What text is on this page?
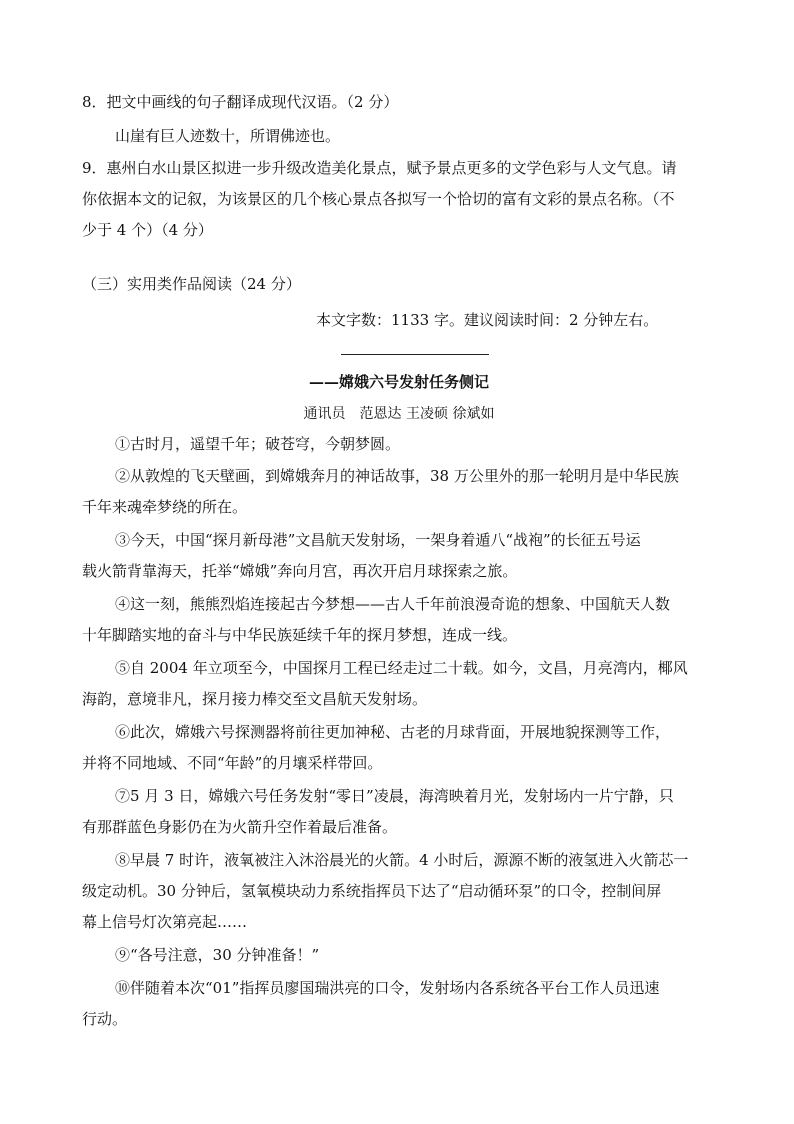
8．把文中画线的句子翻译成现代汉语。（2 分）
山崖有巨人迹数十，所谓佛迹也。
9．惠州白水山景区拟进一步升级改造美化景点，赋予景点更多的文学色彩与人文气息。请
你依据本文的记叙，为该景区的几个核心景点各拟写一个恰切的富有文彩的景点名称。（不
少于 4 个）（4 分）
（三）实用类作品阅读（24 分）
本文字数：1133 字。建议阅读时间：2 分钟左右。
——嫦娥六号发射任务侧记
通讯员　范恩达 王凌硕 徐斌如
①古时月，遥望千年；破苍穹，今朝梦圆。
②从敦煌的飞天壁画，到嫦娥奔月的神话故事，38 万公里外的那一轮明月是中华民族
千年来魂牵梦绕的所在。
③今天，中国“探月新母港”文昌航天发射场，一架身着遁八“战袍”的长征五号运
载火箭背靠海天，托举“嫦娥”奔向月宫，再次开启月球探索之旅。
④这一刻，熊熊烈焰连接起古今梦想——古人千年前浪漫奇诡的想象、中国航天人数
十年脚踏实地的奋斗与中华民族延续千年的探月梦想，连成一线。
⑤自 2004 年立项至今，中国探月工程已经走过二十载。如今，文昌，月亮湾内，椰风
海韵，意境非凡，探月接力棒交至文昌航天发射场。
⑥此次，嫦娥六号探测器将前往更加神秘、古老的月球背面，开展地貌探测等工作，
并将不同地域、不同“年龄”的月壤采样带回。
⑦5 月 3 日，嫦娥六号任务发射“零日”凌晨，海湾映着月光，发射场内一片宁静，只
有那群蓝色身影仍在为火箭升空作着最后准备。
⑧早晨 7 时许，液氧被注入沐浴晨光的火箭。4 小时后，源源不断的液氢进入火箭芯一
级定动机。30 分钟后，氢氧模块动力系统指挥员下达了“启动循环泵”的口令，控制间屏
幕上信号灯次第亮起……
⑨“各号注意，30 分钟准备！”
⑩伴随着本次“01”指挥员廖国瑞洪亮的口令，发射场内各系统各平台工作人员迅速
行动。
